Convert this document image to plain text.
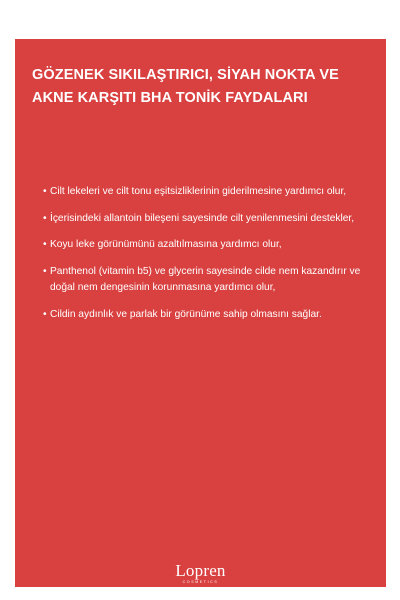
GÖZENEK SIKILAŞTIRICI, SİYAH NOKTA VE AKNE KARŞITI BHA TONİK FAYDALARI
• Cilt lekeleri ve cilt tonu eşitsizliklerinin giderilmesine yardımcı olur,
• İçerisindeki allantoin bileşeni sayesinde cilt yenilenmesini destekler,
• Koyu leke görünümünü azaltılmasına yardımcı olur,
• Panthenol (vitamin b5) ve glycerin sayesinde cilde nem kazandırır ve doğal nem dengesinin korunmasına yardımcı olur,
• Cildin aydınlık ve parlak bir görünüme sahip olmasını sağlar.
Lopren
COSMETICS
